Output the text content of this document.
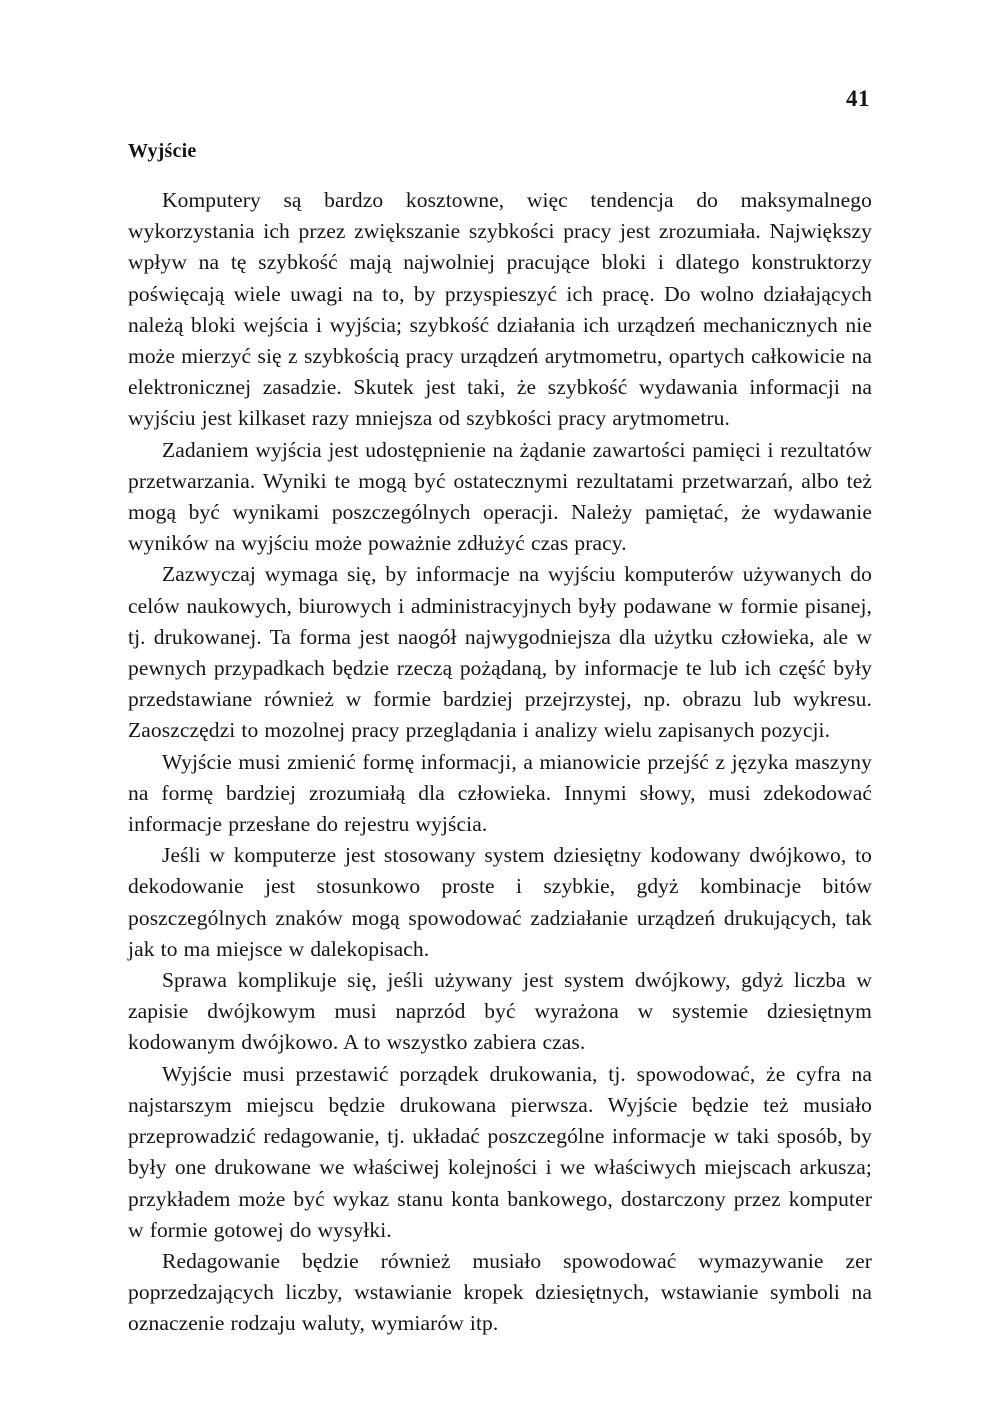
41
Wyjście

Komputery są bardzo kosztowne, więc tendencja do maksymalnego wykorzystania ich przez zwiększanie szybkości pracy jest zrozumiała. Największy wpływ na tę szybkość mają najwolniej pracujące bloki i dlatego konstruktorzy poświęcają wiele uwagi na to, by przyspieszyć ich pracę. Do wolno działających należą bloki wejścia i wyjścia; szybkość działania ich urządzeń mechanicznych nie może mierzyć się z szybkością pracy urządzeń arytmometru, opartych całkowicie na elektronicznej zasadzie. Skutek jest taki, że szybkość wydawania informacji na wyjściu jest kilkaset razy mniejsza od szybkości pracy arytmometru.

Zadaniem wyjścia jest udostępnienie na żądanie zawartości pamięci i rezultatów przetwarzania. Wyniki te mogą być ostatecznymi rezultatami przetwarzań, albo też mogą być wynikami poszczególnych operacji. Należy pamiętać, że wydawanie wyników na wyjściu może poważnie zdłużyć czas pracy.

Zazwyczaj wymaga się, by informacje na wyjściu komputerów używanych do celów naukowych, biurowych i administracyjnych były podawane w formie pisanej, tj. drukowanej. Ta forma jest naogół najwygodniejsza dla użytku człowieka, ale w pewnych przypadkach będzie rzeczą pożądaną, by informacje te lub ich część były przedstawiane również w formie bardziej przejrzystej, np. obrazu lub wykresu. Zaoszczędzi to mozolnej pracy przeglądania i analizy wielu zapisanych pozycji.

Wyjście musi zmienić formę informacji, a mianowicie przejść z języka maszyny na formę bardziej zrozumiałą dla człowieka. Innymi słowy, musi zdekodować informacje przesłane do rejestru wyjścia.

Jeśli w komputerze jest stosowany system dziesiętny kodowany dwójkowo, to dekodowanie jest stosunkowo proste i szybkie, gdyż kombinacje bitów poszczególnych znaków mogą spowodować zadziałanie urządzeń drukujących, tak jak to ma miejsce w dalekopisach.

Sprawa komplikuje się, jeśli używany jest system dwójkowy, gdyż liczba w zapisie dwójkowym musi naprzód być wyrażona w systemie dziesiętnym kodowanym dwójkowo. A to wszystko zabiera czas.

Wyjście musi przestawić porządek drukowania, tj. spowodować, że cyfra na najstarszym miejscu będzie drukowana pierwsza. Wyjście będzie też musiało przeprowadzić redagowanie, tj. układać poszczególne informacje w taki sposób, by były one drukowane we właściwej kolejności i we właściwych miejscach arkusza; przykładem może być wykaz stanu konta bankowego, dostarczony przez komputer w formie gotowej do wysyłki.

Redagowanie będzie również musiało spowodować wymazywanie zer poprzedzających liczby, wstawianie kropek dziesiętnych, wstawianie symboli na oznaczenie rodzaju waluty, wymiarów itp.
